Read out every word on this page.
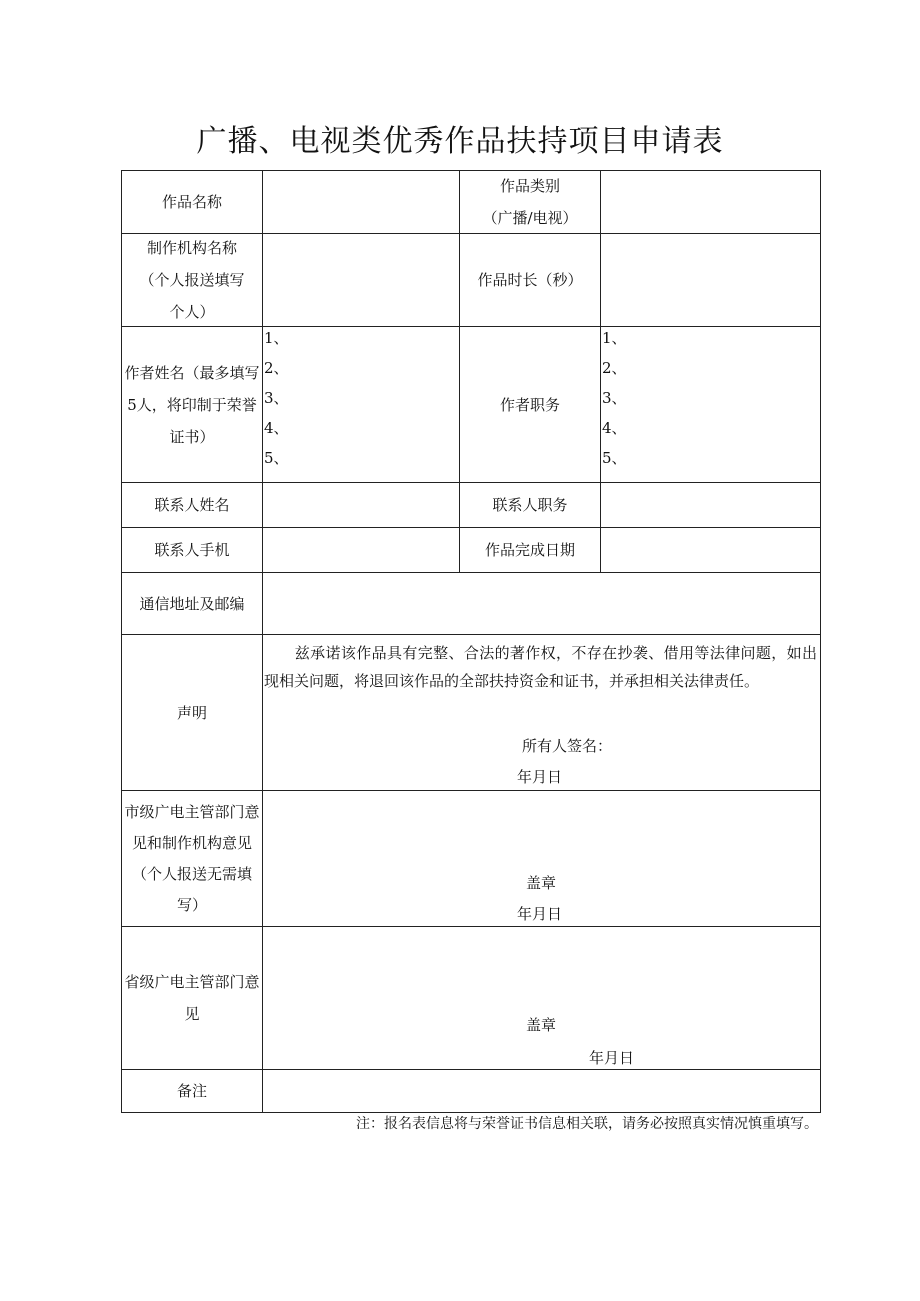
广播、电视类优秀作品扶持项目申请表
作品名称
作品类别
（广播/电视）
制作机构名称
（个人报送填写
个人）
作品时长（秒）
作者姓名（最多填写
5人，将印制于荣誉
证书）
1、
2、
3、
4、
5、
作者职务
1、
2、
3、
4、
5、
联系人姓名	联系人职务
联系人手机	作品完成日期
通信地址及邮编
声明
　　兹承诺该作品具有完整、合法的著作权，不存在抄袭、借用等法律问题，如出现相关问题，将退回该作品的全部扶持资金和证书，并承担相关法律责任。
所有人签名：
年月日
市级广电主管部门意
见和制作机构意见
（个人报送无需填
写）
盖章
年月日
省级广电主管部门意
见
盖章
年月日
备注
注：报名表信息将与荣誉证书信息相关联，请务必按照真实情况慎重填写。
